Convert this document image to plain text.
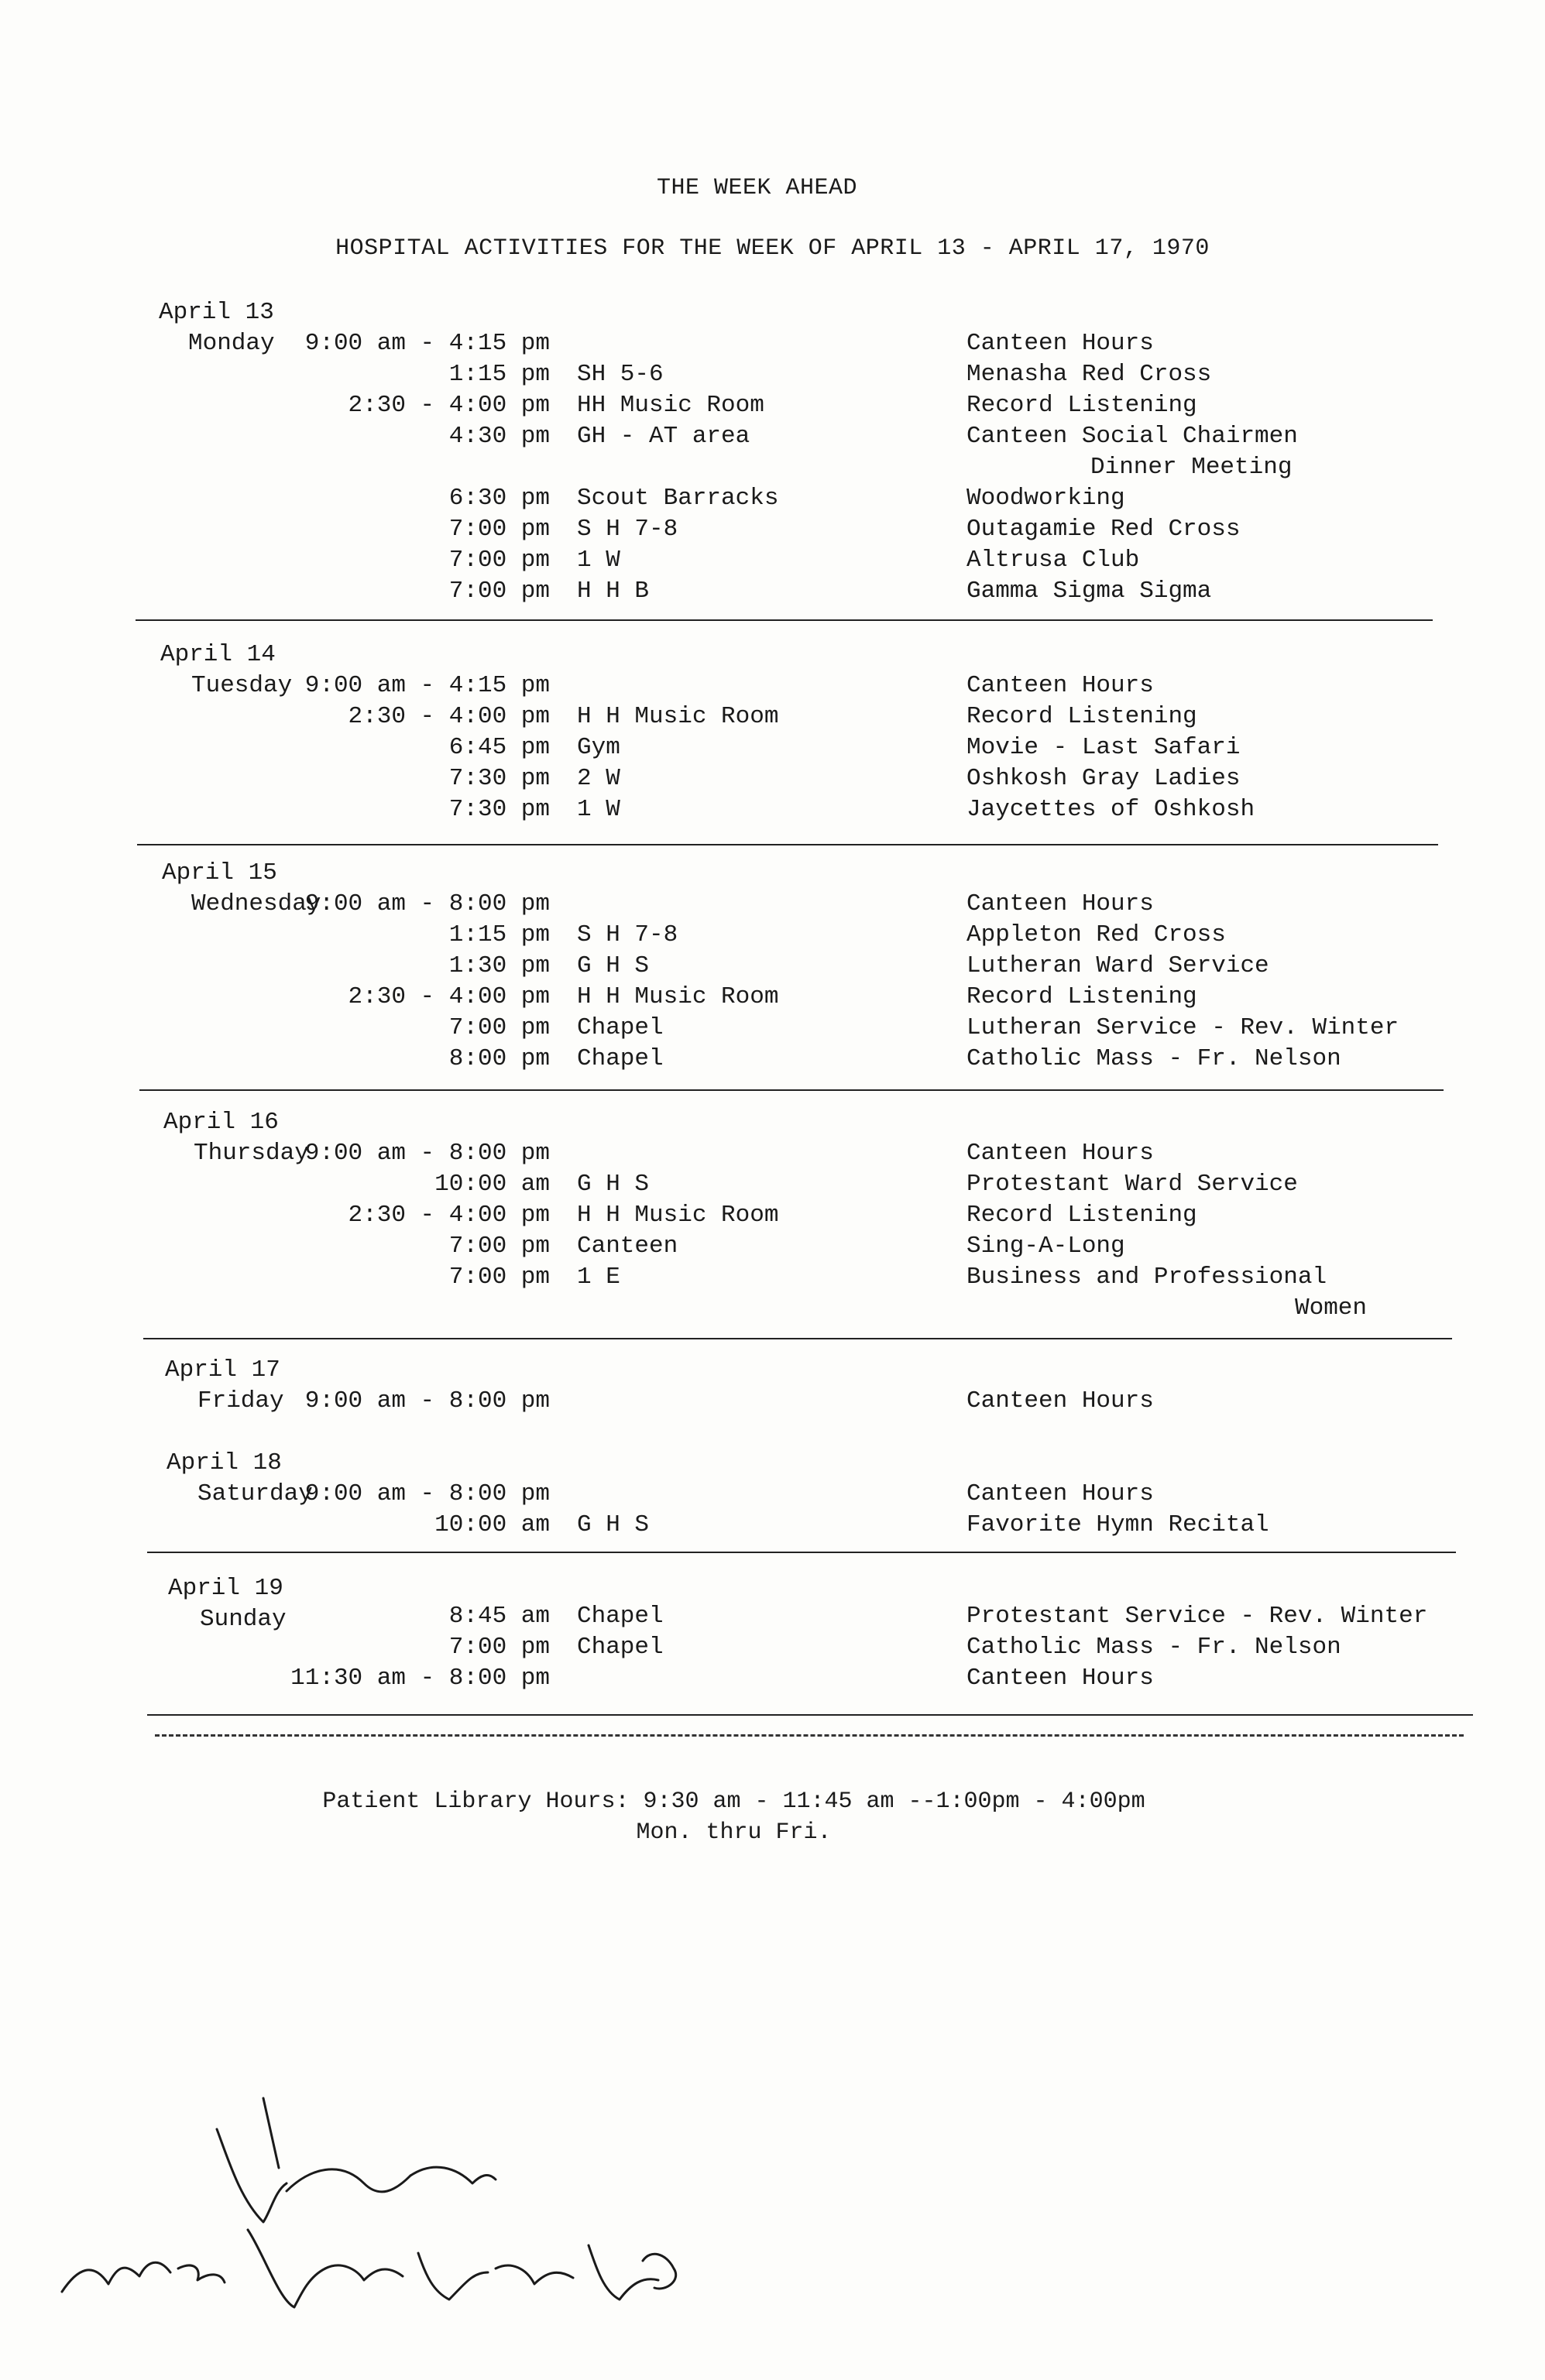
THE WEEK AHEAD
HOSPITAL ACTIVITIES FOR THE WEEK OF APRIL 13 - APRIL 17, 1970
April 13
Monday	9:00 am - 4:15 pm	Canteen Hours
1:15 pm SH 5-6	Menasha Red Cross
2:30 - 4:00 pm HH Music Room	Record Listening
4:30 pm GH - AT area	Canteen Social Chairmen
Dinner Meeting
6:30 pm Scout Barracks	Woodworking
7:00 pm S H 7-8	Outagamie Red Cross
7:00 pm 1 W	Altrusa Club
7:00 pm H H B	Gamma Sigma Sigma
April 14
Tuesday 9:00 am - 4:15 pm	Canteen Hours
2:30 - 4:00 pm H H Music Room	Record Listening
6:45 pm Gym	Movie - Last Safari
7:30 pm 2 W	Oshkosh Gray Ladies
7:30 pm 1 W	Jaycettes of Oshkosh
April 15
Wednesday
9:00 am - 8:00 pm	Canteen Hours
1:15 pm S H 7-8	Appleton Red Cross
1:30 pm G H S	Lutheran Ward Service
2:30 - 4:00 pm H H Music Room	Record Listening
7:00 pm Chapel	Lutheran Service - Rev. Winter
8:00 pm Chapel	Catholic Mass - Fr. Nelson
April 16
Thursday
9:00 am - 8:00 pm	Canteen Hours
10:00 am G H S	Protestant Ward Service
2:30 - 4:00 pm H H Music Room	Record Listening
7:00 pm Canteen	Sing-A-Long
7:00 pm 1 E	Business and Professional
Women
April 17
Friday 9:00 am - 8:00 pm	Canteen Hours
April 18
Saturday
9:00 am - 8:00 pm	Canteen Hours
10:00 am G H S	Favorite Hymn Recital
April 19
Sunday	8:45 am Chapel	Protestant Service - Rev. Winter
7:00 pm Chapel	Catholic Mass - Fr. Nelson
11:30 am - 8:00 pm	Canteen Hours
Patient Library Hours: 9:30 am - 11:45 am --1:00pm - 4:00pm
Mon. thru Fri.
